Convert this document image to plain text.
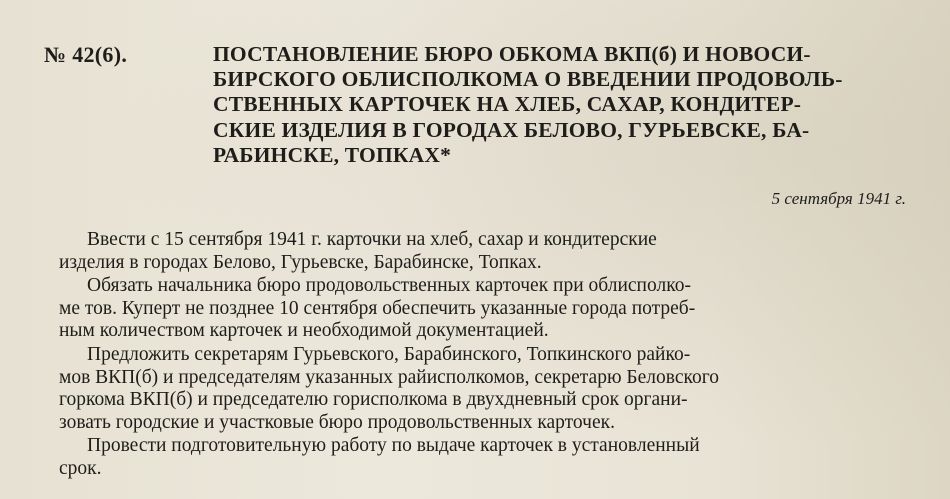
№ 42(6).	ПОСТАНОВЛЕНИЕ БЮРО ОБКОМА ВКП(б) И НОВОСИ-
БИРСКОГО ОБЛИСПОЛКОМА О ВВЕДЕНИИ ПРОДОВОЛЬ-
СТВЕННЫХ КАРТОЧЕК НА ХЛЕБ, САХАР, КОНДИТЕР-
СКИЕ ИЗДЕЛИЯ В ГОРОДАХ БЕЛОВО, ГУРЬЕВСКЕ, БА-
РАБИНСКЕ, ТОПКАХ*
5 сентября 1941 г.
Ввести с 15 сентября 1941 г. карточки на хлеб, сахар и кондитерские
изделия в городах Белово, Гурьевске, Барабинске, Топках.
Обязать начальника бюро продовольственных карточек при облисполко-
ме тов. Куперт не позднее 10 сентября обеспечить указанные города потреб-
ным количеством карточек и необходимой документацией.
Предложить секретарям Гурьевского, Барабинского, Топкинского райко-
мов ВКП(б) и председателям указанных райисполкомов, секретарю Беловского
горкома ВКП(б) и председателю горисполкома в двухдневный срок органи-
зовать городские и участковые бюро продовольственных карточек.
Провести подготовительную работу по выдаче карточек в установленный
срок.
